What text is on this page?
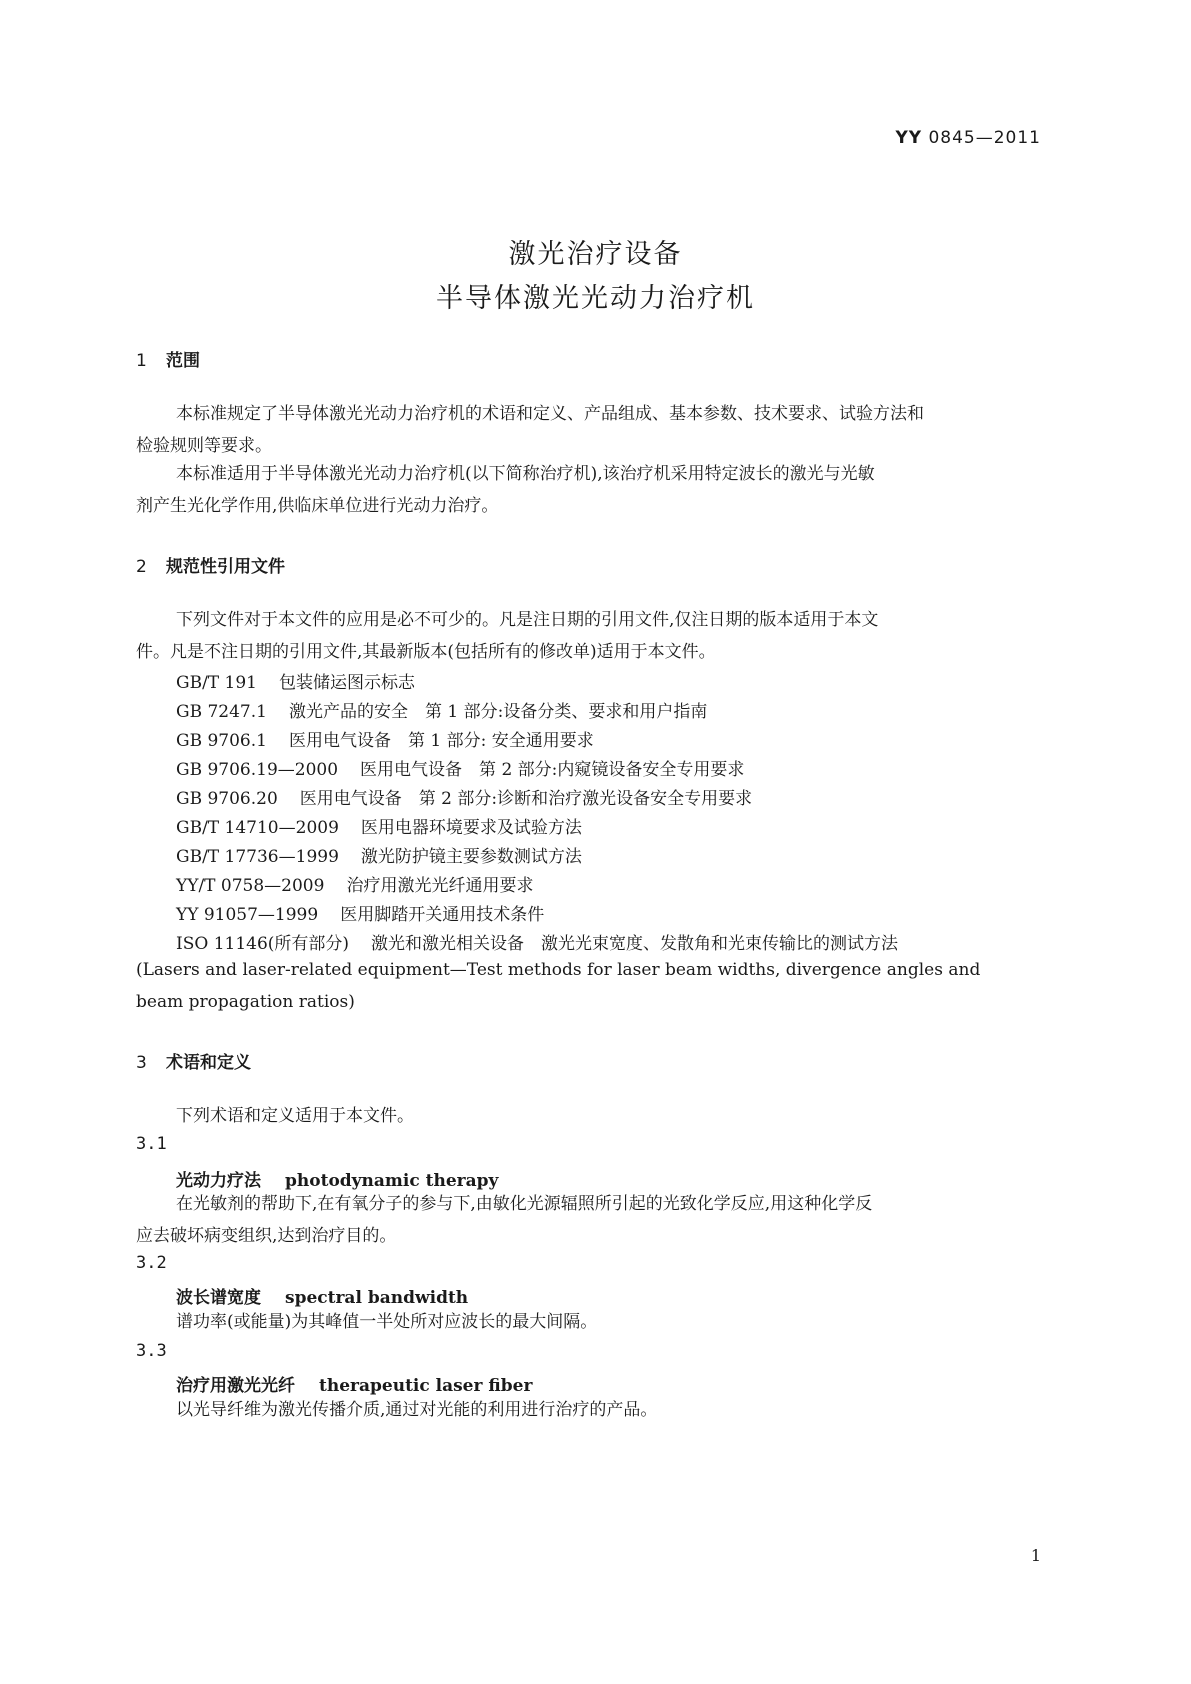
YY 0845—2011
激光治疗设备
半导体激光光动力治疗机
1 范围
本标准规定了半导体激光光动力治疗机的术语和定义、产品组成、基本参数、技术要求、试验方法和
检验规则等要求。
本标准适用于半导体激光光动力治疗机(以下简称治疗机),该治疗机采用特定波长的激光与光敏
剂产生光化学作用,供临床单位进行光动力治疗。
2 规范性引用文件
下列文件对于本文件的应用是必不可少的。凡是注日期的引用文件,仅注日期的版本适用于本文
件。凡是不注日期的引用文件,其最新版本(包括所有的修改单)适用于本文件。
GB/T 191 包装储运图示标志
GB 7247.1 激光产品的安全　第 1 部分:设备分类、要求和用户指南
GB 9706.1 医用电气设备　第 1 部分: 安全通用要求
GB 9706.19—2000 医用电气设备　第 2 部分:内窥镜设备安全专用要求
GB 9706.20 医用电气设备　第 2 部分:诊断和治疗激光设备安全专用要求
GB/T 14710—2009 医用电器环境要求及试验方法
GB/T 17736—1999 激光防护镜主要参数测试方法
YY/T 0758—2009 治疗用激光光纤通用要求
YY 91057—1999 医用脚踏开关通用技术条件
ISO 11146(所有部分) 激光和激光相关设备　激光光束宽度、发散角和光束传输比的测试方法
(Lasers and laser-related equipment—Test methods for laser beam widths, divergence angles and
beam propagation ratios)
3 术语和定义
下列术语和定义适用于本文件。
3.1
光动力疗法 photodynamic therapy
在光敏剂的帮助下,在有氧分子的参与下,由敏化光源辐照所引起的光致化学反应,用这种化学反
应去破坏病变组织,达到治疗目的。
3.2
波长谱宽度 spectral bandwidth
谱功率(或能量)为其峰值一半处所对应波长的最大间隔。
3.3
治疗用激光光纤 therapeutic laser fiber
以光导纤维为激光传播介质,通过对光能的利用进行治疗的产品。
1
